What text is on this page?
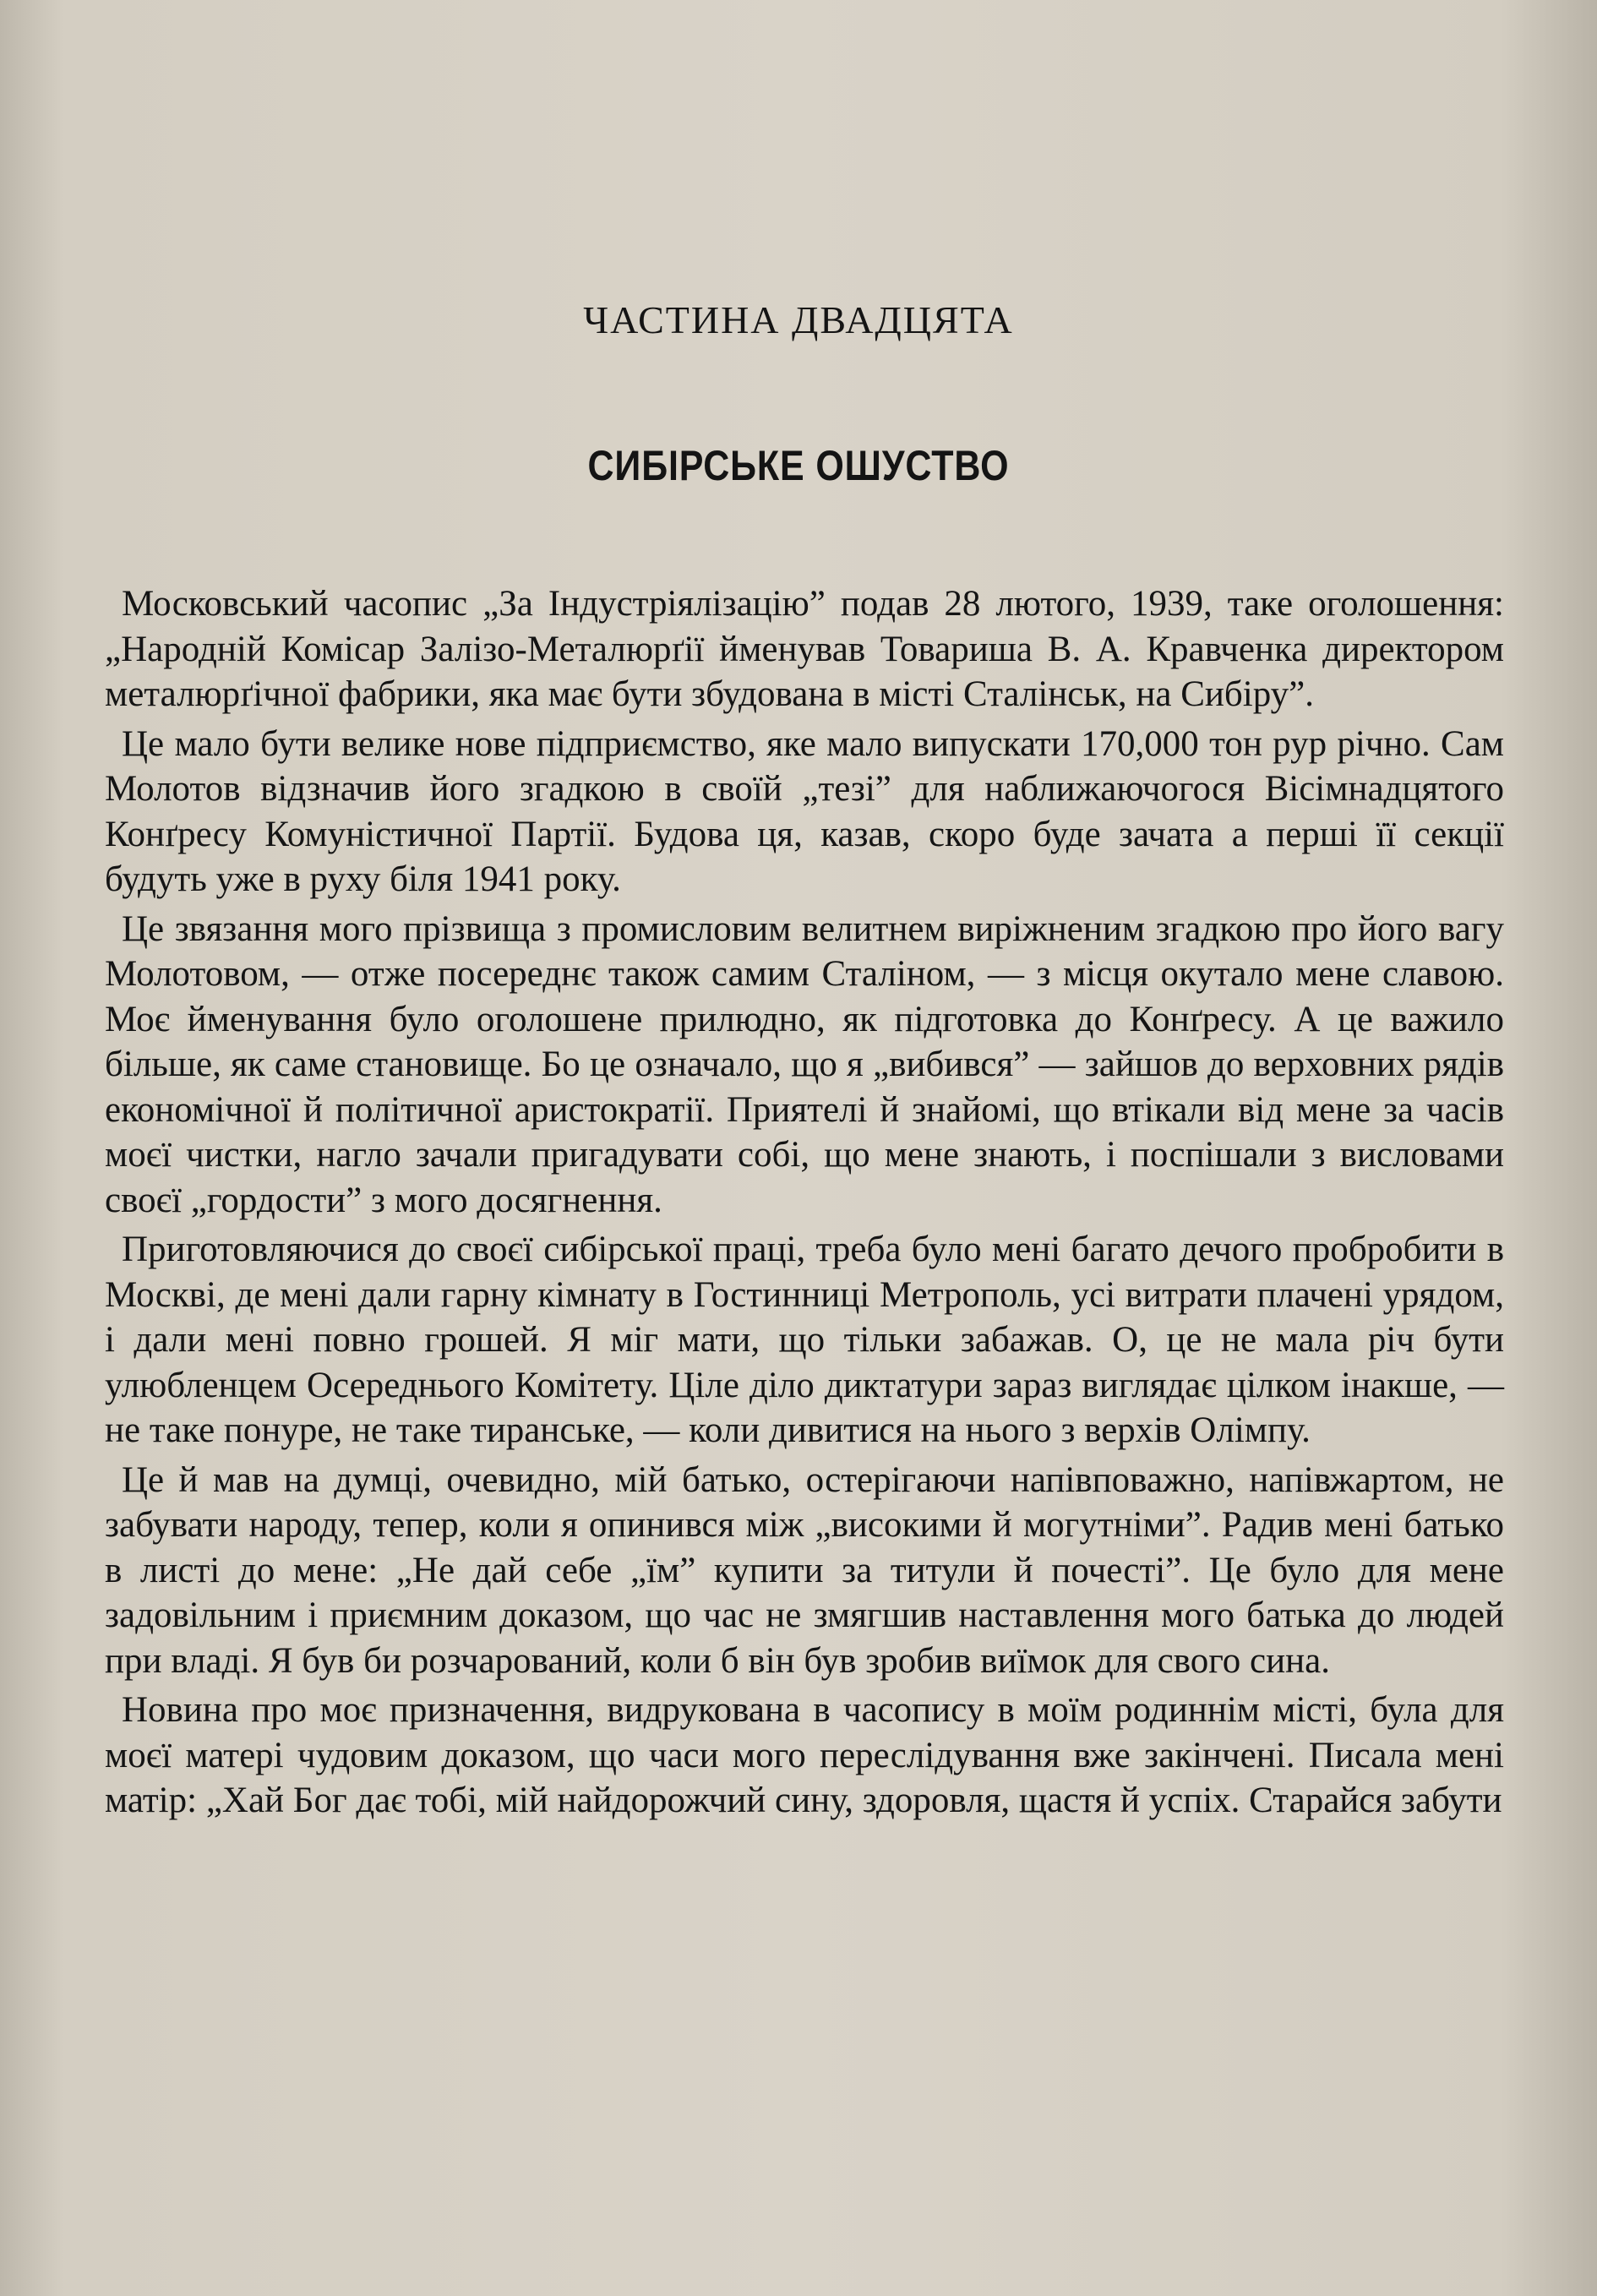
ЧАСТИНА ДВАДЦЯТА
СИБІРСЬКЕ ОШУСТВО

Московський часопис „За Індустріялізацію” подав 28 лютого, 1939, таке оголошення: „Народній Комісар Залізо-Металюрґії йменував Товариша В. А. Кравченка директором металюрґічної фабрики, яка має бути збудована в місті Сталінськ, на Сибіру”.

Це мало бути велике нове підприємство, яке мало випускати 170,000 тон рур річно. Сам Молотов відзначив його згадкою в своїй „тезі” для наближаючогося Вісімнадцятого Конґресу Комуністичної Партії. Будова ця, казав, скоро буде зачата а перші її секції будуть уже в руху біля 1941 року.

Це звязання мого прізвища з промисловим велитнем виріжненим згадкою про його вагу Молотовом, — отже посереднє також самим Сталіном, — з місця окутало мене славою. Моє йменування було оголошене прилюдно, як підготовка до Конґресу. А це важило більше, як саме становище. Бо це означало, що я „вибився” — зайшов до верховних рядів економічної й політичної аристократії. Приятелі й знайомі, що втікали від мене за часів моєї чистки, нагло зачали пригадувати собі, що мене знають, і поспішали з висловами своєї „гордости” з мого досягнення.

Приготовляючися до своєї сибірської праці, треба було мені багато дечого пробробити в Москві, де мені дали гарну кімнату в Гостинниці Метрополь, усі витрати плачені урядом, і дали мені повно грошей. Я міг мати, що тільки забажав. О, це не мала річ бути улюбленцем Осереднього Комітету. Ціле діло диктатури зараз виглядає цілком інакше, — не таке понуре, не таке тиранське, — коли дивитися на нього з верхів Олімпу.

Це й мав на думці, очевидно, мій батько, остерігаючи напівповажно, напівжартом, не забувати народу, тепер, коли я опинився між „високими й могутніми”. Радив мені батько в листі до мене: „Не дай себе „їм” купити за титули й почесті”. Це було для мене задовільним і приємним доказом, що час не змягшив наставлення мого батька до людей при владі. Я був би розчарований, коли б він був зробив виїмок для свого сина.

Новина про моє призначення, видрукована в часопису в моїм родиннім місті, була для моєї матері чудовим доказом, що часи мого переслідування вже закінчені. Писала мені матір: „Хай Бог дає тобі, мій найдорожчий сину, здоровля, щастя й успіх. Старайся забути
